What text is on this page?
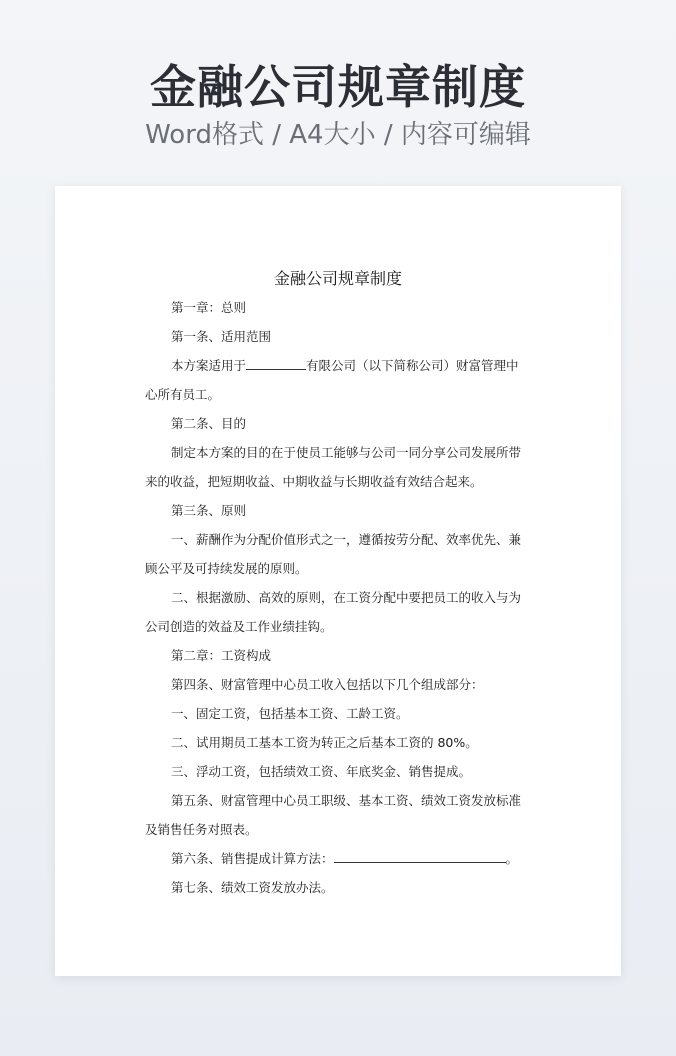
金融公司规章制度
Word格式 / A4大小 / 内容可编辑
金融公司规章制度

第一章：总则

第一条、适用范围

本方案适用于	有限公司（以下简称公司）财富管理中心所有员工。

第二条、目的

制定本方案的目的在于使员工能够与公司一同分享公司发展所带来的收益，把短期收益、中期收益与长期收益有效结合起来。

第三条、原则

一、薪酬作为分配价值形式之一，遵循按劳分配、效率优先、兼顾公平及可持续发展的原则。

二、根据激励、高效的原则，在工资分配中要把员工的收入与为公司创造的效益及工作业绩挂钩。

第二章：工资构成

第四条、财富管理中心员工收入包括以下几个组成部分：

一、固定工资，包括基本工资、工龄工资。

二、试用期员工基本工资为转正之后基本工资的 80%。

三、浮动工资，包括绩效工资、年底奖金、销售提成。

第五条、财富管理中心员工职级、基本工资、绩效工资发放标准及销售任务对照表。

第六条、销售提成计算方法：	。

第七条、绩效工资发放办法。
